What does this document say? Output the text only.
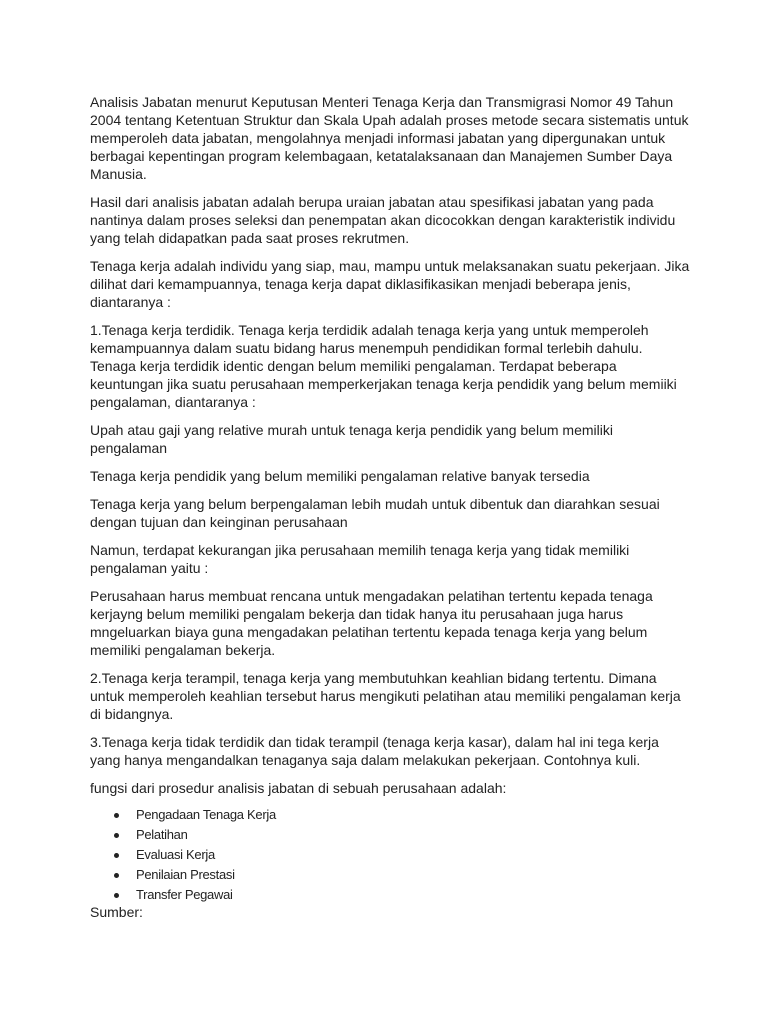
Analisis Jabatan menurut Keputusan Menteri Tenaga Kerja dan Transmigrasi Nomor 49 Tahun 2004 tentang Ketentuan Struktur dan Skala Upah adalah proses metode secara sistematis untuk memperoleh data jabatan, mengolahnya menjadi informasi jabatan yang dipergunakan untuk berbagai kepentingan program kelembagaan, ketatalaksanaan dan Manajemen Sumber Daya Manusia.

Hasil dari analisis jabatan adalah berupa uraian jabatan atau spesifikasi jabatan yang pada nantinya dalam proses seleksi dan penempatan akan dicocokkan dengan karakteristik individu yang telah didapatkan pada saat proses rekrutmen.

Tenaga kerja adalah individu yang siap, mau, mampu untuk melaksanakan suatu pekerjaan. Jika dilihat dari kemampuannya, tenaga kerja dapat diklasifikasikan menjadi beberapa jenis, diantaranya :

1.Tenaga kerja terdidik. Tenaga kerja terdidik adalah tenaga kerja yang untuk memperoleh kemampuannya dalam suatu bidang harus menempuh pendidikan formal terlebih dahulu. Tenaga kerja terdidik identic dengan belum memiliki pengalaman. Terdapat beberapa keuntungan jika suatu perusahaan memperkerjakan tenaga kerja pendidik yang belum memiiki pengalaman, diantaranya :

Upah atau gaji yang relative murah untuk tenaga kerja pendidik yang belum memiliki pengalaman

Tenaga kerja pendidik yang belum memiliki pengalaman relative banyak tersedia

Tenaga kerja yang belum berpengalaman lebih mudah untuk dibentuk dan diarahkan sesuai dengan tujuan dan keinginan perusahaan

Namun, terdapat kekurangan jika perusahaan memilih tenaga kerja yang tidak memiliki pengalaman yaitu :

Perusahaan harus membuat rencana untuk mengadakan pelatihan tertentu kepada tenaga kerjayng belum memiliki pengalam bekerja dan tidak hanya itu perusahaan juga harus mngeluarkan biaya guna mengadakan pelatihan tertentu kepada tenaga kerja yang belum memiliki pengalaman bekerja.

2.Tenaga kerja terampil, tenaga kerja yang membutuhkan keahlian bidang tertentu. Dimana untuk memperoleh keahlian tersebut harus mengikuti pelatihan atau memiliki pengalaman kerja di bidangnya.

3.Tenaga kerja tidak terdidik dan tidak terampil (tenaga kerja kasar), dalam hal ini tega kerja yang hanya mengandalkan tenaganya saja dalam melakukan pekerjaan. Contohnya kuli.

fungsi dari prosedur analisis jabatan di sebuah perusahaan adalah:

Pengadaan Tenaga Kerja
Pelatihan
Evaluasi Kerja
Penilaian Prestasi
Transfer Pegawai
Sumber:
